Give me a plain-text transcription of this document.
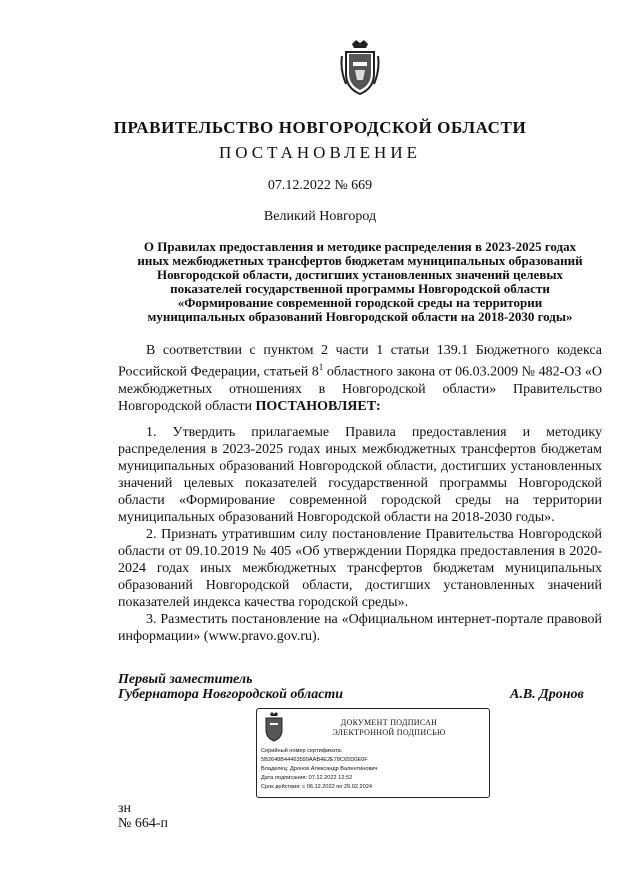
ПРАВИТЕЛЬСТВО НОВГОРОДСКОЙ ОБЛАСТИ
ПОСТАНОВЛЕНИЕ
07.12.2022 № 669
Великий Новгород
О Правилах предоставления и методике распределения в 2023-2025 годах
иных межбюджетных трансфертов бюджетам муниципальных образований
Новгородской области, достигших установленных значений целевых
показателей государственной программы Новгородской области
«Формирование современной городской среды на территории
муниципальных образований Новгородской области на 2018-2030 годы»

В соответствии с пунктом 2 части 1 статьи 139.1 Бюджетного кодекса Российской Федерации, статьей $8^1$ областного закона от 06.03.2009 № 482-ОЗ «О межбюджетных отношениях в Новгородской области» Правительство Новгородской области ПОСТАНОВЛЯЕТ:

1. Утвердить прилагаемые Правила предоставления и методику распределения в 2023-2025 годах иных межбюджетных трансфертов бюджетам муниципальных образований Новгородской области, достигших установленных значений целевых показателей государственной программы Новгородской области «Формирование современной городской среды на территории муниципальных образований Новгородской области на 2018-2030 годы».

2. Признать утратившим силу постановление Правительства Новгородской области от 09.10.2019 № 405 «Об утверждении Порядка предоставления в 2020-2024 годах иных межбюджетных трансфертов бюджетам муниципальных образований Новгородской области, достигших установленных значений показателей индекса качества городской среды».

3. Разместить постановление на «Официальном интернет-портале правовой информации» (www.pravo.gov.ru).

Первый заместитель
Губернатора Новгородской области	А.В. Дронов
ДОКУМЕНТ ПОДПИСАН
ЭЛЕКТРОННОЙ ПОДПИСЬЮ
Серийный номер сертификата:
5B2648B44463599AAB4E2E78C65D0E0F
Владелец: Дронов Александр Валентинович
Дата подписания: 07.12.2022 12:52
Срок действия: с 06.12.2022 по 29.02.2024
зн
№ 664-п
